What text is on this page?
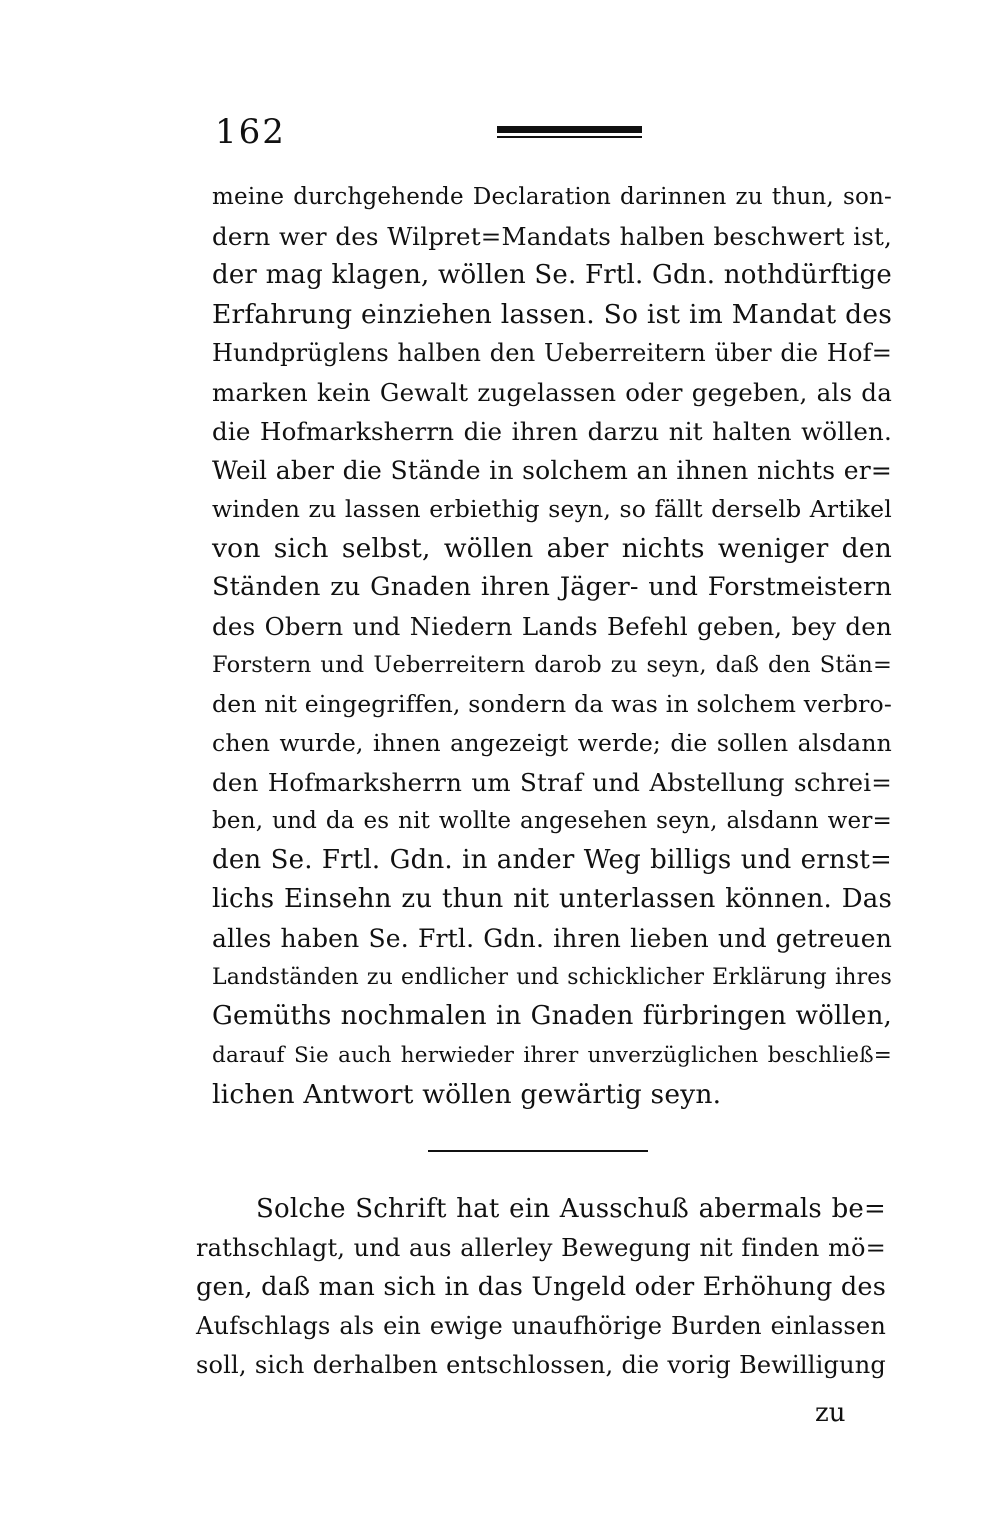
162
meine durchgehende Declaration darinnen zu thun, son-
dern wer des Wilpret=Mandats halben beschwert ist,
der mag klagen, wöllen Se. Frtl. Gdn. nothdürftige
Erfahrung einziehen lassen. So ist im Mandat des
Hundprüglens halben den Ueberreitern über die Hof=
marken kein Gewalt zugelassen oder gegeben, als da
die Hofmarksherrn die ihren darzu nit halten wöllen.
Weil aber die Stände in solchem an ihnen nichts er=
winden zu lassen erbiethig seyn, so fällt derselb Artikel
von sich selbst, wöllen aber nichts weniger den
Ständen zu Gnaden ihren Jäger- und Forstmeistern
des Obern und Niedern Lands Befehl geben, bey den
Forstern und Ueberreitern darob zu seyn, daß den Stän=
den nit eingegriffen, sondern da was in solchem verbro-
chen wurde, ihnen angezeigt werde; die sollen alsdann
den Hofmarksherrn um Straf und Abstellung schrei=
ben, und da es nit wollte angesehen seyn, alsdann wer=
den Se. Frtl. Gdn. in ander Weg billigs und ernst=
lichs Einsehn zu thun nit unterlassen können. Das
alles haben Se. Frtl. Gdn. ihren lieben und getreuen
Landständen zu endlicher und schicklicher Erklärung ihres
Gemüths nochmalen in Gnaden fürbringen wöllen,
darauf Sie auch herwieder ihrer unverzüglichen beschließ=
lichen Antwort wöllen gewärtig seyn.
Solche Schrift hat ein Ausschuß abermals be=
rathschlagt, und aus allerley Bewegung nit finden mö=
gen, daß man sich in das Ungeld oder Erhöhung des
Aufschlags als ein ewige unaufhörige Burden einlassen
soll, sich derhalben entschlossen, die vorig Bewilligung
zu
